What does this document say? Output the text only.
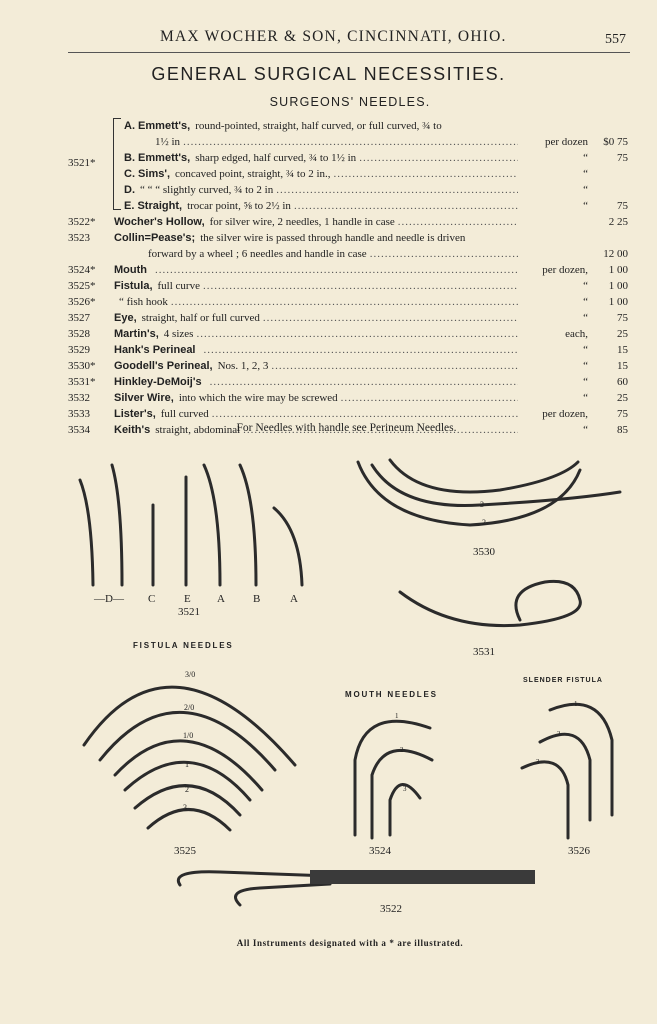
MAX WOCHER & SON, CINCINNATI, OHIO.	557
GENERAL SURGICAL NECESSITIES.
SURGEONS' NEEDLES.
3521*
A. Emmett's, round-pointed, straight, half curved, or full curved, ¾ to
1½ in .....	per dozen	$0 75
B. Emmett's, sharp edged, half curved, ¾ to 1½ in .....	“	75
C. Sims', concaved point, straight, ¾ to 2 in., .....	“
D. “ “ “ slightly curved, ¾ to 2 in .....	“
E. Straight, trocar point, ⅝ to 2½ in .....	“	75
3522* Wocher's Hollow, for silver wire, 2 needles, 1 handle in case .....	2 25
3523 Collin=Pease's; the silver wire is passed through handle and needle is driven
forward by a wheel ; 6 needles and handle in case .....	12 00
3524* Mouth .....	per dozen,	1 00
3525* Fistula, full curve .....	“	1 00
3526* “ fish hook .....	“	1 00
3527 Eye, straight, half or full curved .....	“	75
3528 Martin's, 4 sizes .....	each,	25
3529 Hank's Perineal .....	“	15
3530* Goodell's Perineal, Nos. 1, 2, 3 .....	“	15
3531* Hinkley-DeMoij's .....	“	60
3532 Silver Wire, into which the wire may be screwed .....	“	25
3533 Lister's, full curved .....	per dozen,	75
3534 Keith's straight, abdominal .....	“	85
For Needles with handle see Perineum Needles.
—D— C	E A	B	A
3521
3
2
3530
3531
FISTULA NEEDLES
3/0
2/0
1/0
1
2
3
3525
MOUTH NEEDLES
1
2
3
3524
SLENDER FISTULA
1
2
3
3526
3522
All Instruments designated with a * are illustrated.
